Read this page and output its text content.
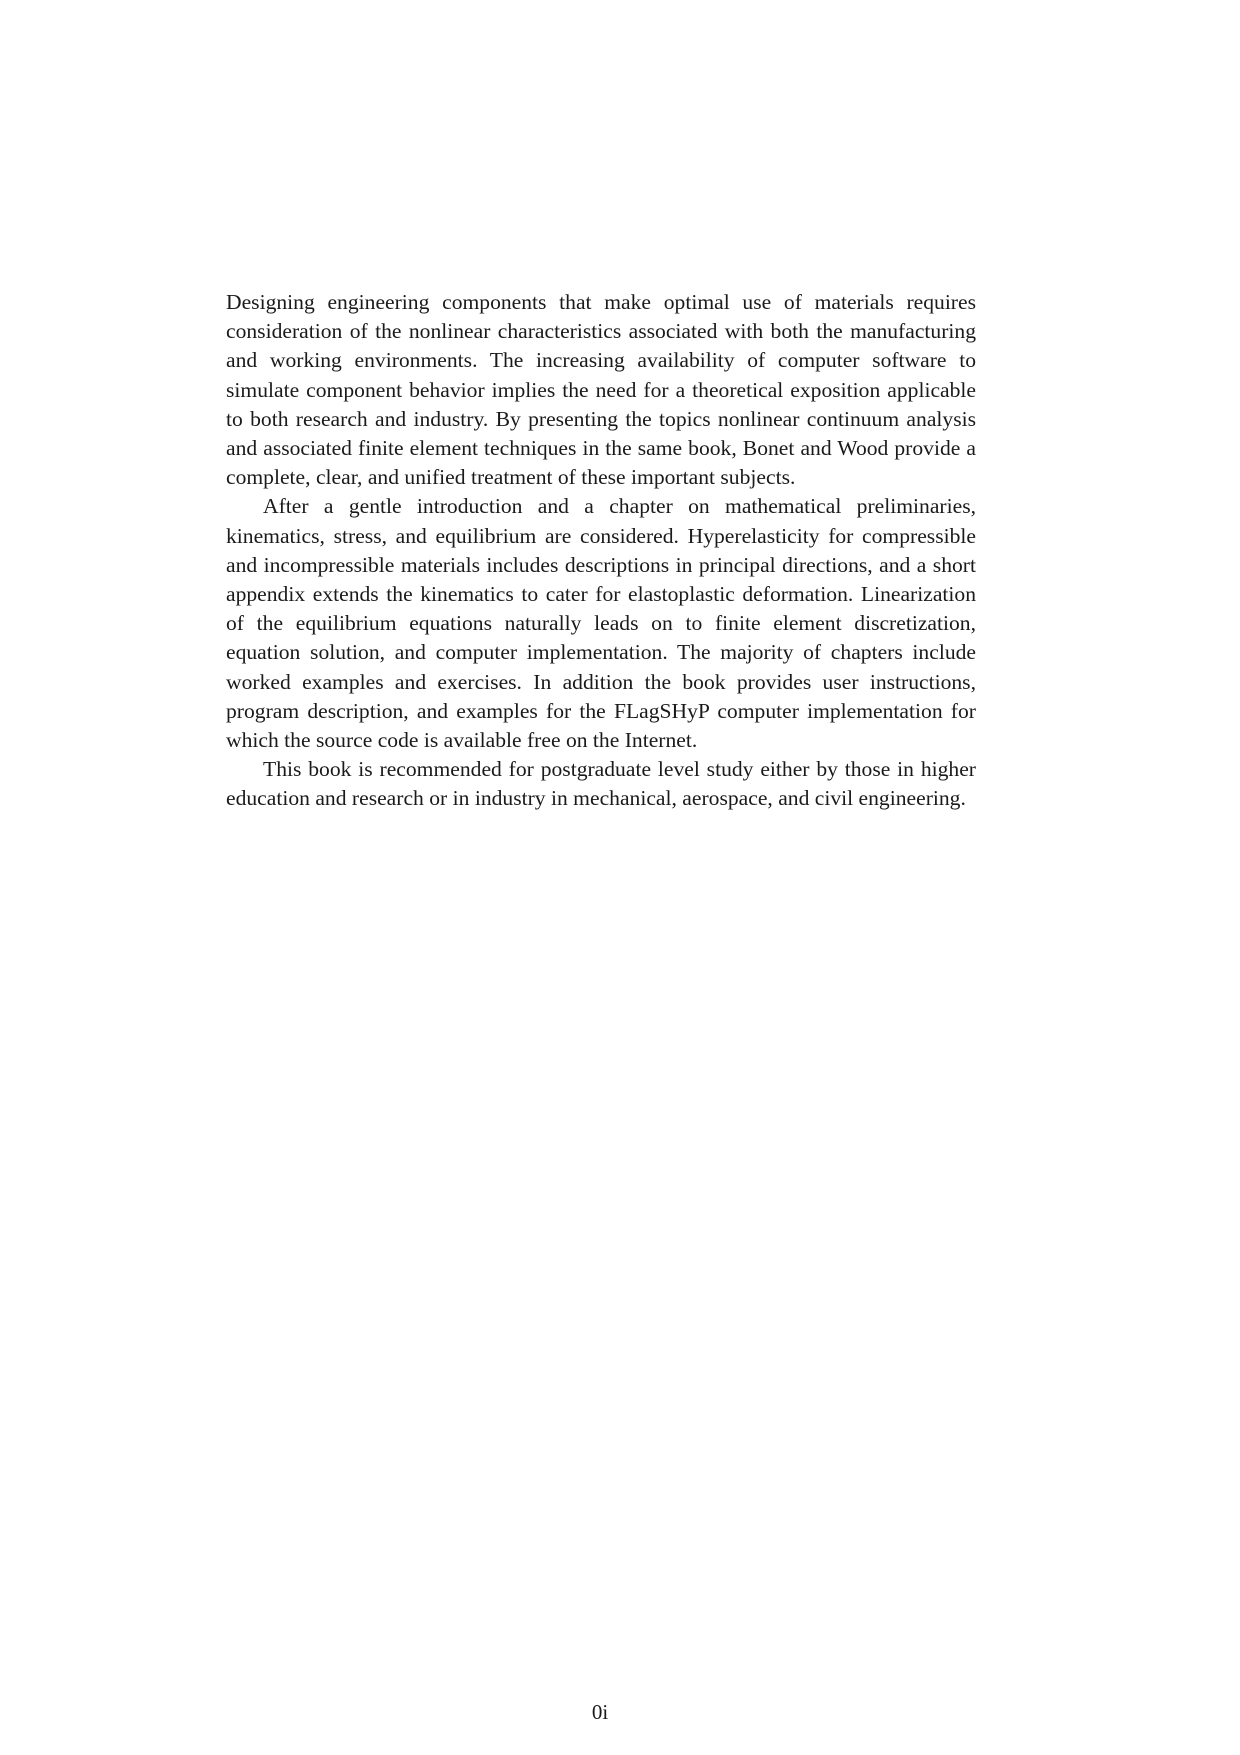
Designing engineering components that make optimal use of materials requires consideration of the nonlinear characteristics associated with both the manufacturing and working environments. The increasing availability of computer software to simulate component behavior implies the need for a theoretical exposition applicable to both research and industry. By presenting the topics nonlinear continuum analysis and associated finite element techniques in the same book, Bonet and Wood provide a complete, clear, and unified treatment of these important subjects.

After a gentle introduction and a chapter on mathematical preliminaries, kinematics, stress, and equilibrium are considered. Hyperelasticity for compressible and incompressible materials includes descriptions in principal directions, and a short appendix extends the kinematics to cater for elastoplastic deformation. Linearization of the equilibrium equations naturally leads on to finite element discretization, equation solution, and computer implementation. The majority of chapters include worked examples and exercises. In addition the book provides user instructions, program description, and examples for the FLagSHyP computer implementation for which the source code is available free on the Internet.

This book is recommended for postgraduate level study either by those in higher education and research or in industry in mechanical, aerospace, and civil engineering.

0i
